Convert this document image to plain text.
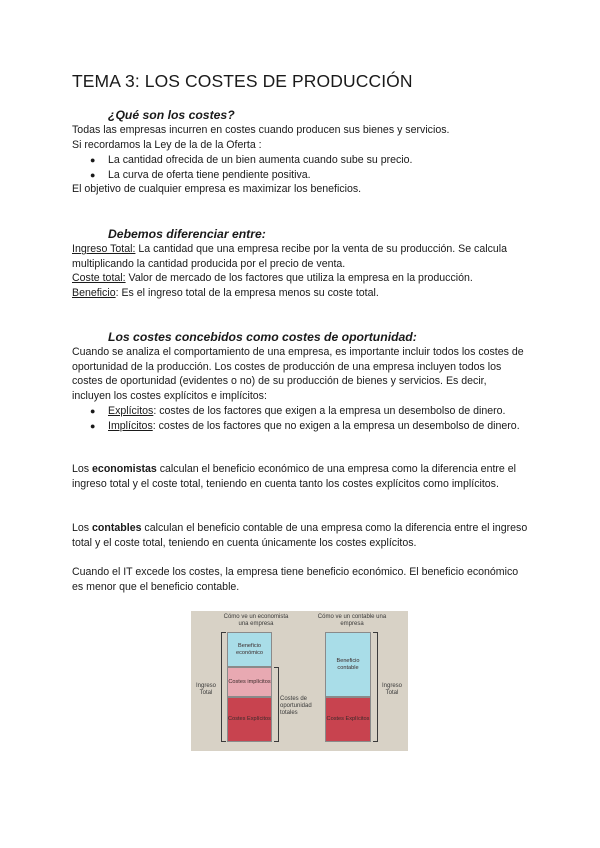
TEMA 3: LOS COSTES DE PRODUCCIÓN

¿Qué son los costes?

Todas las empresas incurren en costes cuando producen sus bienes y servicios.

Si recordamos la Ley de la de la Oferta :

● La cantidad ofrecida de un bien aumenta cuando sube su precio.

● La curva de oferta tiene pendiente positiva.

El objetivo de cualquier empresa es maximizar los beneficios.

Debemos diferenciar entre:

Ingreso Total: La cantidad que una empresa recibe por la venta de su producción. Se calcula multiplicando la cantidad producida por el precio de venta.

Coste total: Valor de mercado de los factores que utiliza la empresa en la producción.

Beneficio: Es el ingreso total de la empresa menos su coste total.

Los costes concebidos como costes de oportunidad:

Cuando se analiza el comportamiento de una empresa, es importante incluir todos los costes de oportunidad de la producción. Los costes de producción de una empresa incluyen todos los costes de oportunidad (evidentes o no) de su producción de bienes y servicios. Es decir, incluyen los costes explícitos e implícitos:

● Explícitos: costes de los factores que exigen a la empresa un desembolso de dinero.

● Implícitos: costes de los factores que no exigen a la empresa un desembolso de dinero.

Los economistas calculan el beneficio económico de una empresa como la diferencia entre el ingreso total y el coste total, teniendo en cuenta tanto los costes explícitos como implícitos.

Los contables calculan el beneficio contable de una empresa como la diferencia entre el ingreso total y el coste total, teniendo en cuenta únicamente los costes explícitos.

Cuando el IT excede los costes, la empresa tiene beneficio económico. El beneficio económico es menor que el beneficio contable.

Cómo ve un economista una empresa
Cómo ve un contable una empresa
Ingreso Total
Beneficio económico
Costes implícitos
Costes Explícitos
Costes de oportunidad totales
Beneficio contable
Costes Explícitos
Ingreso Total
